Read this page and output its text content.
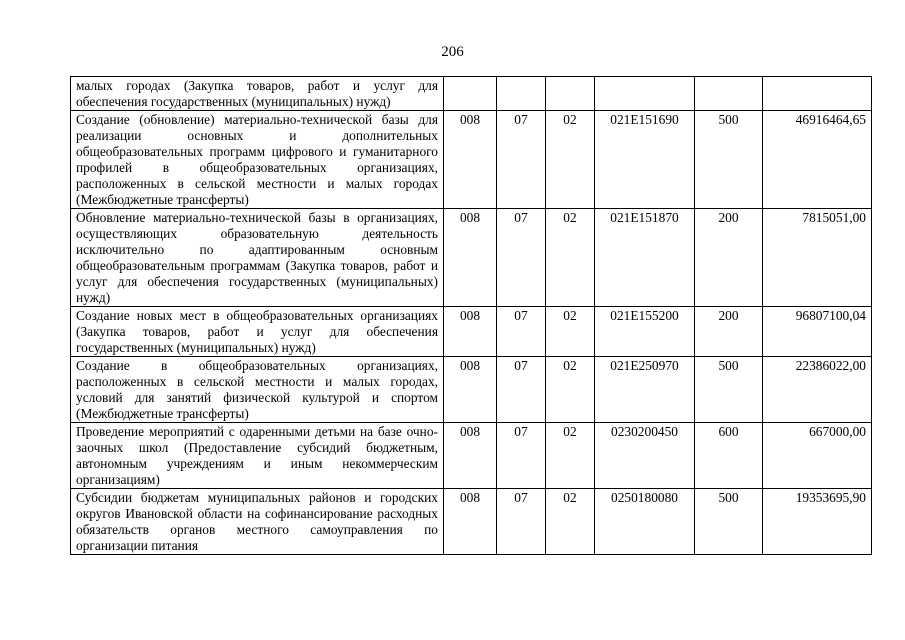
206
малых городах (Закупка товаров, работ и услуг для обеспечения государственных (муниципальных) нужд)						
Создание (обновление) материально-технической базы для реализации основных и дополнительных общеобразовательных программ цифрового и гуманитарного профилей в общеобразовательных организациях, расположенных в сельской местности и малых городах (Межбюджетные трансферты)	008	07	02	021E151690	500	46916464,65
Обновление материально-технической базы в организациях, осуществляющих образовательную деятельность исключительно по адаптированным основным общеобразовательным программам (Закупка товаров, работ и услуг для обеспечения государственных (муниципальных) нужд)	008	07	02	021E151870	200	7815051,00
Создание новых мест в общеобразовательных организациях (Закупка товаров, работ и услуг для обеспечения государственных (муниципальных) нужд)	008	07	02	021E155200	200	96807100,04
Создание в общеобразовательных организациях, расположенных в сельской местности и малых городах, условий для занятий физической культурой и спортом (Межбюджетные трансферты)	008	07	02	021E250970	500	22386022,00
Проведение мероприятий с одаренными детьми на базе очно-заочных школ (Предоставление субсидий бюджетным, автономным учреждениям и иным некоммерческим организациям)	008	07	02	0230200450	600	667000,00
Субсидии бюджетам муниципальных районов и городских округов Ивановской области на софинансирование расходных обязательств органов местного самоуправления по организации питания	008	07	02	0250180080	500	19353695,90
